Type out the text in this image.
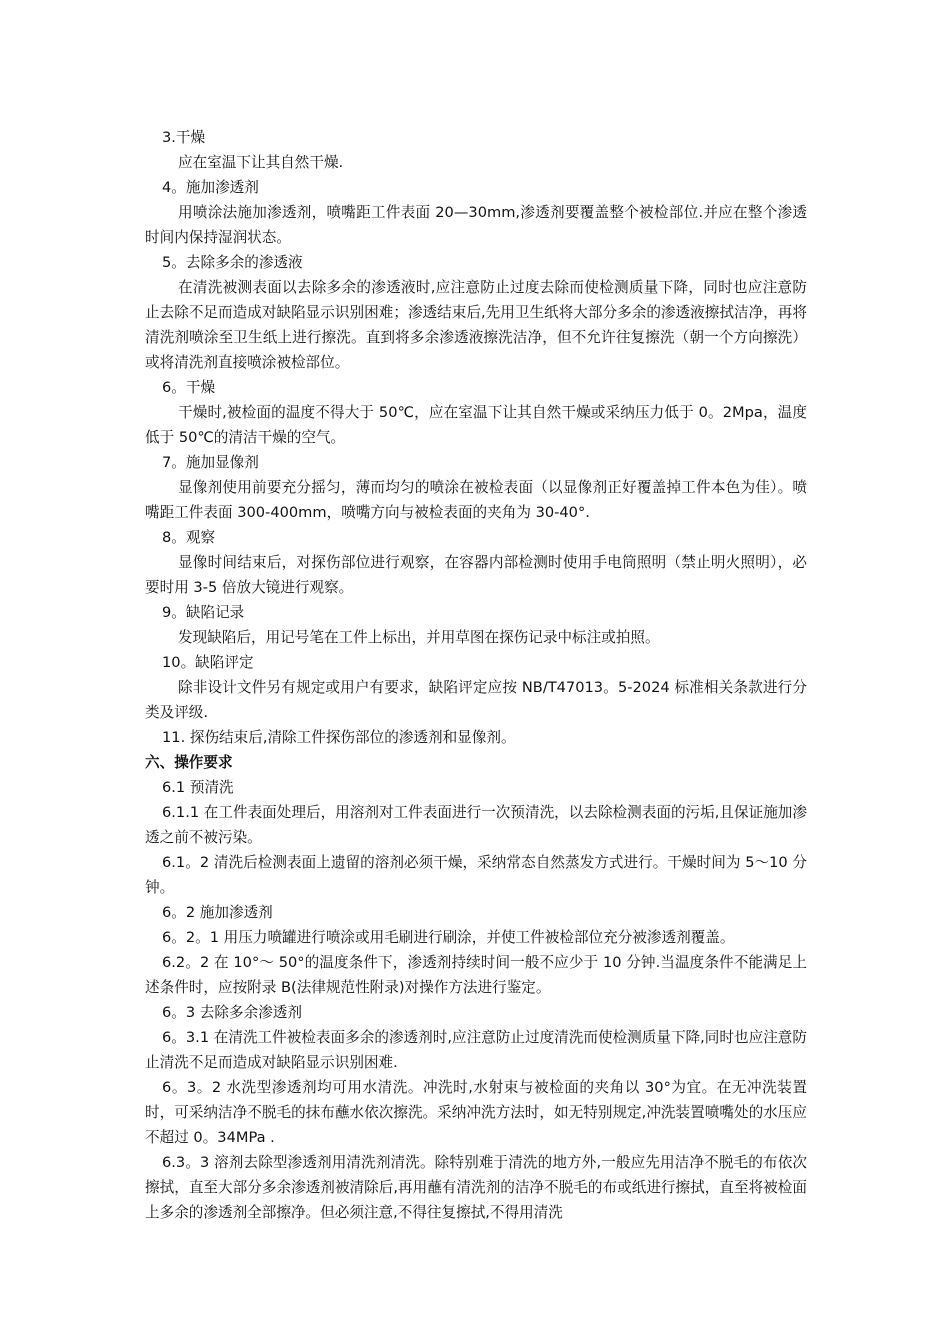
3.干燥

应在室温下让其自然干燥.

4。施加渗透剂

用喷涂法施加渗透剂，喷嘴距工件表面 20—30mm,渗透剂要覆盖整个被检部位.并应在整个渗透时间内保持湿润状态。

5。去除多余的渗透液

在清洗被测表面以去除多余的渗透液时,应注意防止过度去除而使检测质量下降，同时也应注意防止去除不足而造成对缺陷显示识别困难；渗透结束后,先用卫生纸将大部分多余的渗透液擦拭洁净，再将清洗剂喷涂至卫生纸上进行擦洗。直到将多余渗透液擦洗洁净，但不允许往复擦洗（朝一个方向擦洗）或将清洗剂直接喷涂被检部位。

6。干燥

干燥时,被检面的温度不得大于 50℃，应在室温下让其自然干燥或采纳压力低于 0。2Mpa，温度低于 50℃的清洁干燥的空气。

7。施加显像剂

显像剂使用前要充分摇匀，薄而均匀的喷涂在被检表面（以显像剂正好覆盖掉工件本色为佳）。喷嘴距工件表面 300-400mm，喷嘴方向与被检表面的夹角为 30-40°.

8。观察

显像时间结束后，对探伤部位进行观察，在容器内部检测时使用手电筒照明（禁止明火照明），必要时用 3-5 倍放大镜进行观察。

9。缺陷记录

发现缺陷后，用记号笔在工件上标出，并用草图在探伤记录中标注或拍照。

10。缺陷评定

除非设计文件另有规定或用户有要求，缺陷评定应按 NB/T47013。5-2024 标准相关条款进行分类及评级.

11. 探伤结束后,清除工件探伤部位的渗透剂和显像剂。

六、操作要求

6.1 预清洗

6.1.1 在工件表面处理后，用溶剂对工件表面进行一次预清洗，以去除检测表面的污垢,且保证施加渗透之前不被污染。

6.1。2 清洗后检测表面上遗留的溶剂必须干燥，采纳常态自然蒸发方式进行。干燥时间为 5～10 分钟。

6。2 施加渗透剂

6。2。1 用压力喷罐进行喷涂或用毛刷进行刷涂，并使工件被检部位充分被渗透剂覆盖。

6.2。2 在 10°～ 50°的温度条件下，渗透剂持续时间一般不应少于 10 分钟.当温度条件不能满足上述条件时，应按附录 B(法律规范性附录)对操作方法进行鉴定。

6。3 去除多余渗透剂

6。3.1 在清洗工件被检表面多余的渗透剂时,应注意防止过度清洗而使检测质量下降,同时也应注意防止清洗不足而造成对缺陷显示识别困难.

6。3。2 水洗型渗透剂均可用水清洗。冲洗时,水射束与被检面的夹角以 30°为宜。在无冲洗装置时，可采纳洁净不脱毛的抹布蘸水依次擦洗。采纳冲洗方法时，如无特别规定,冲洗装置喷嘴处的水压应不超过 0。34MPa .

6.3。3 溶剂去除型渗透剂用清洗剂清洗。除特别难于清洗的地方外,一般应先用洁净不脱毛的布依次擦拭，直至大部分多余渗透剂被清除后,再用蘸有清洗剂的洁净不脱毛的布或纸进行擦拭，直至将被检面上多余的渗透剂全部擦净。但必须注意,不得往复擦拭,不得用清洗
